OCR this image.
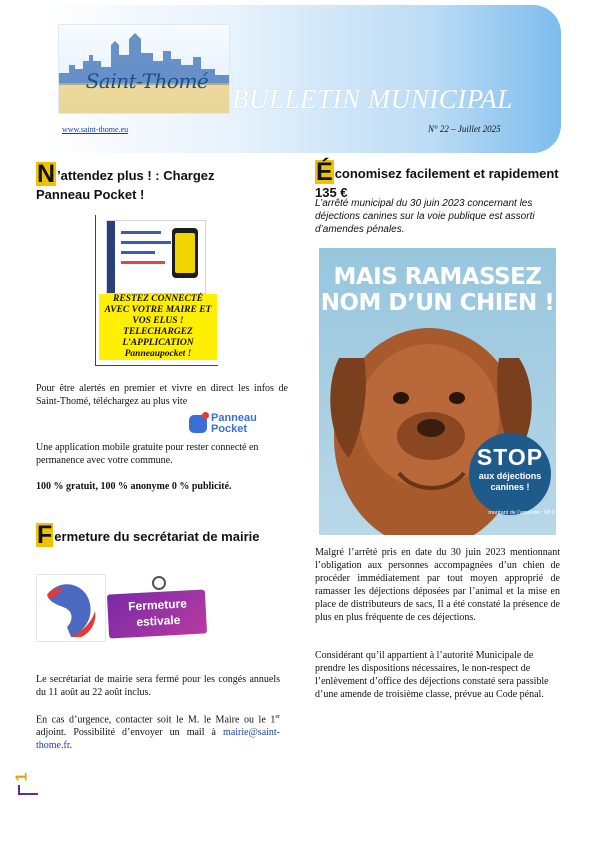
Saint-Thomé
BULLETIN MUNICIPAL
www.saint-thome.eu	N° 22 – Juillet 2025
N ’attendez plus ! : Chargez
Panneau Pocket !
RESTEZ CONNECTÉ
AVEC VOTRE MAIRE ET
VOS ELUS !
TELECHARGEZ
L’APPLICATION
Panneaupocket !
Pour être alertés en premier et vivre en direct les infos de Saint-Thomé, téléchargez au plus vite
Panneau
Pocket
Une application mobile gratuite pour rester connecté en permanence avec votre commune.
100 % gratuit, 100 % anonyme 0 % publicité.
F ermeture du secrétariat de mairie
Fermeture
estivale
Le secrétariat de mairie sera fermé pour les congés annuels du 11 août au 22 août inclus.
En cas d’urgence, contacter soit le M. le Maire ou le 1er adjoint. Possibilité d’envoyer un mail à mairie@saint-thome.fr.
É conomisez facilement et rapidement 135 €
L’arrêté municipal du 30 juin 2023 concernant les déjections canines sur la voie publique est assorti d’amendes pénales.
MAIS RAMASSEZ
NOM D’UN CHIEN !
STOP
aux déjections
canines !
montant de l’amende : 68 €
Malgré l’arrêté pris en date du 30 juin 2023 mentionnant l’obligation aux personnes accompagnées d’un chien de procéder immédiatement par tout moyen approprié de ramasser les déjections déposées par l’animal et la mise en place de distributeurs de sacs, Il a été constaté la présence de plus en plus fréquente de ces déjections.
Considérant qu’il appartient à l’autorité Municipale de prendre les dispositions nécessaires, le non-respect de l’enlèvement d’office des déjections constaté sera passible d’une amende de troisième classe, prévue au Code pénal.
1
